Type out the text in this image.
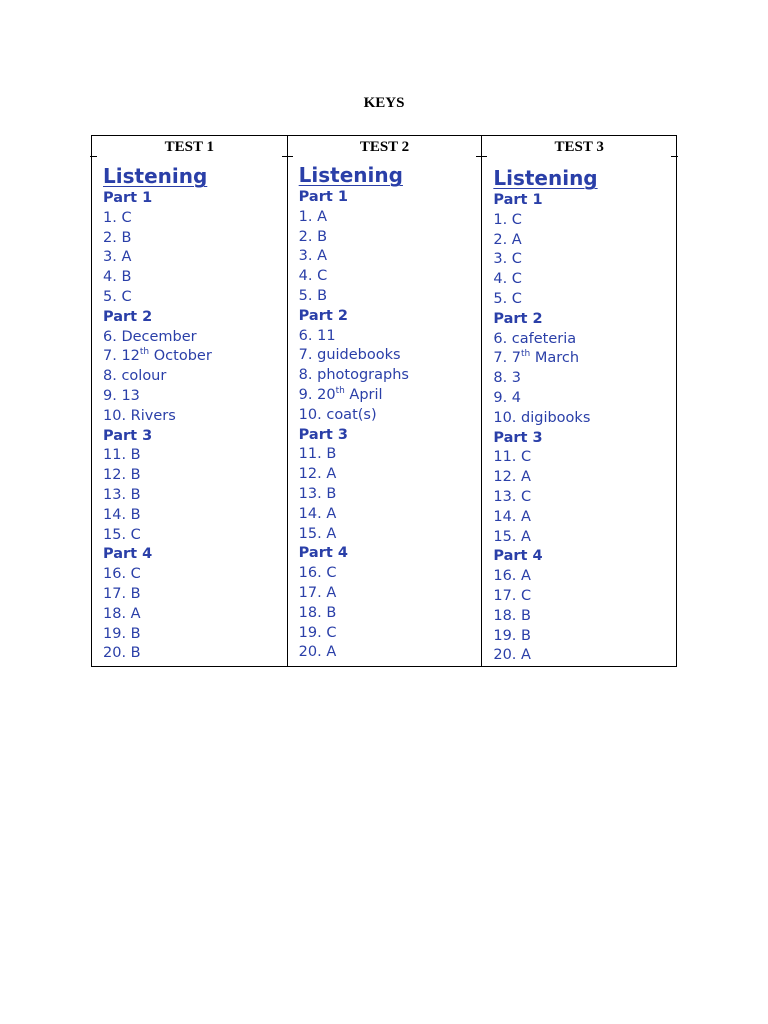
KEYS
TEST 1
Listening
Part 1
1. C
2. B
3. A
4. B
5. C
Part 2
6. December
7. 12th October
8. colour
9. 13
10. Rivers
Part 3
11. B
12. B
13. B
14. B
15. C
Part 4
16. C
17. B
18. A
19. B
20. B
TEST 2
Listening
Part 1
1. A
2. B
3. A
4. C
5. B
Part 2
6. 11
7. guidebooks
8. photographs
9. 20th April
10. coat(s)
Part 3
11. B
12. A
13. B
14. A
15. A
Part 4
16. C
17. A
18. B
19. C
20. A
TEST 3
Listening
Part 1
1. C
2. A
3. C
4. C
5. C
Part 2
6. cafeteria
7. 7th March
8. 3
9. 4
10. digibooks
Part 3
11. C
12. A
13. C
14. A
15. A
Part 4
16. A
17. C
18. B
19. B
20. A
